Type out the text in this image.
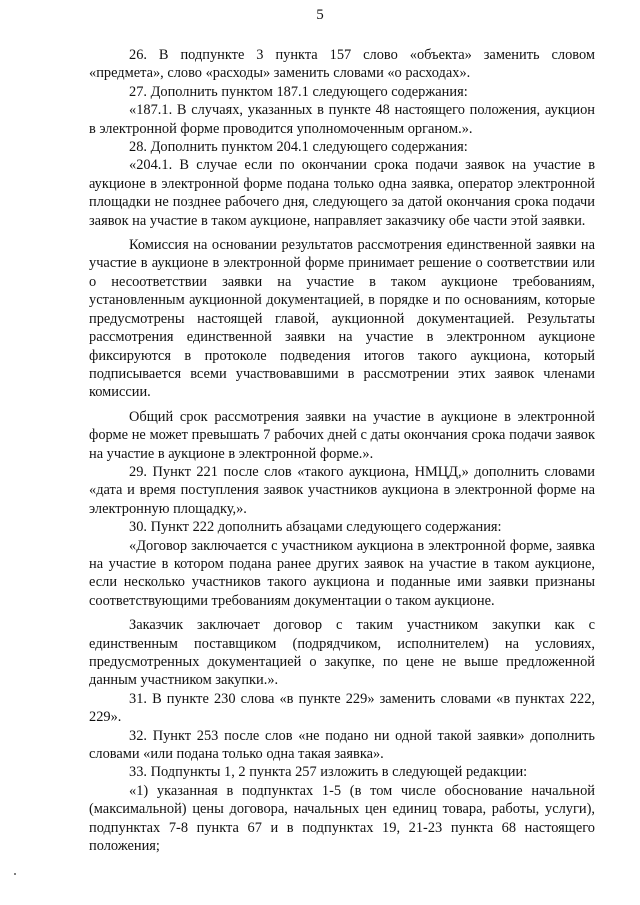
5

26. В подпункте 3 пункта 157 слово «объекта» заменить словом «предмета», слово «расходы» заменить словами «о расходах».

27. Дополнить пунктом 187.1 следующего содержания:

«187.1. В случаях, указанных в пункте 48 настоящего положения, аукцион в электронной форме проводится уполномоченным органом.».

28. Дополнить пунктом 204.1 следующего содержания:

«204.1. В случае если по окончании срока подачи заявок на участие в аукционе в электронной форме подана только одна заявка, оператор электронной площадки не позднее рабочего дня, следующего за датой окончания срока подачи заявок на участие в таком аукционе, направляет заказчику обе части этой заявки.

Комиссия на основании результатов рассмотрения единственной заявки на участие в аукционе в электронной форме принимает решение о соответствии или о несоответствии заявки на участие в таком аукционе требованиям, установленным аукционной документацией, в порядке и по основаниям, которые предусмотрены настоящей главой, аукционной документацией. Результаты рассмотрения единственной заявки на участие в электронном аукционе фиксируются в протоколе подведения итогов такого аукциона, который подписывается всеми участвовавшими в рассмотрении этих заявок членами комиссии.

Общий срок рассмотрения заявки на участие в аукционе в электронной форме не может превышать 7 рабочих дней с даты окончания срока подачи заявок на участие в аукционе в электронной форме.».

29. Пункт 221 после слов «такого аукциона, НМЦД,» дополнить словами «дата и время поступления заявок участников аукциона в электронной форме на электронную площадку,».

30. Пункт 222 дополнить абзацами следующего содержания:

«Договор заключается с участником аукциона в электронной форме, заявка на участие в котором подана ранее других заявок на участие в таком аукционе, если несколько участников такого аукциона и поданные ими заявки признаны соответствующими требованиям документации о таком аукционе.

Заказчик заключает договор с таким участником закупки как с единственным поставщиком (подрядчиком, исполнителем) на условиях, предусмотренных документацией о закупке, по цене не выше предложенной данным участником закупки.».

31. В пункте 230 слова «в пункте 229» заменить словами «в пунктах 222, 229».

32. Пункт 253 после слов «не подано ни одной такой заявки» дополнить словами «или подана только одна такая заявка».

33. Подпункты 1, 2 пункта 257 изложить в следующей редакции:

«1) указанная в подпунктах 1-5 (в том числе обоснование начальной (максимальной) цены договора, начальных цен единиц товара, работы, услуги), подпунктах 7-8 пункта 67 и в подпунктах 19, 21-23 пункта 68 настоящего положения;
